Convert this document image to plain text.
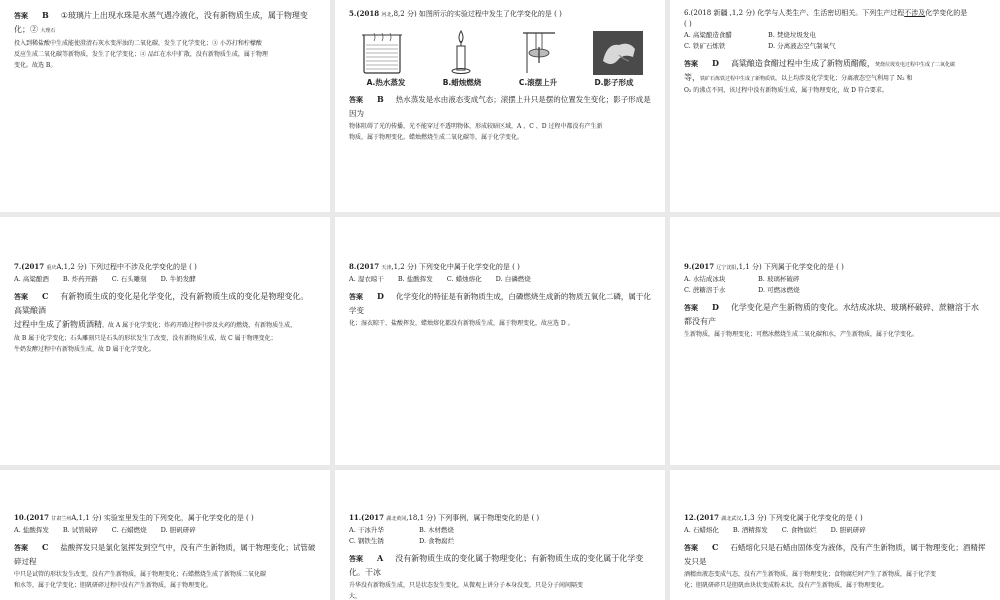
答案 B ①玻璃片上出现水珠是水蒸气遇冷液化，没有新物质生成，属于物理变化；② 大理石

投入到稀盐酸中生成能使澄清石灰水变浑浊的二氧化碳，发生了化学变化；③ 小苏打和柠檬酸

反应生成二氧化碳等新物质，发生了化学变化；④ 品红在水中扩散，没有新物质生成，属于物理

变化。故选 B。

5.(2018 河北,8,2 分) 如图所示的实验过程中发生了化学变化的是 ( )

A.热水蒸发	B.蜡烛燃烧	C.滚摆上升	D.影子形成

答案 B 热水蒸发是水由液态变成气态；滚摆上升只是摆的位置发生变化；影子形成是因为

物体阻碍了光的传播，光不能穿过不透明物体，形成较暗区域，A 、C 、D 过程中都没有产生新

物质，属于物理变化。蜡烛燃烧生成二氧化碳等，属于化学变化。

6.(2018 新疆 ,1,2 分) 化学与人类生产、生活密切相关。下列生产过程不涉及化学变化的是

( )

A. 高粱酿造食醋	B. 焚烧垃圾发电

C. 铁矿石炼铁	D. 分离液态空气制氧气

答案 D 高粱酿造食醋过程中生成了新物质醋酸，焚烧垃圾发电过程中生成了二氧化碳

等，铁矿石炼铁过程中生成了新物质铁，以上均涉及化学变化；分离液态空气利用了 N₂ 和

O₂ 的沸点不同，该过程中没有新物质生成，属于物理变化，故 D 符合要求。

7.(2017 重庆A,1,2 分) 下列过程中不涉及化学变化的是 ( )

A. 高粱酿酒 B. 炸药开路 C. 石头雕刻 D. 牛奶发酵

答案 C 有新物质生成的变化是化学变化，没有新物质生成的变化是物理变化。高粱酿酒

过程中生成了新物质酒精，故 A 属于化学变化；炸药开路过程中涉及火药的燃烧，有新物质生成，

故 B 属于化学变化；石头雕刻只是石头的形状发生了改变，没有新物质生成，故 C 属于物理变化；

牛奶发酵过程中有新物质生成，故 D 属于化学变化。

8.(2017 天津,1,2 分) 下列变化中属于化学变化的是 ( )

A. 湿衣晾干 B. 盐酸挥发 C. 蜡烛熔化 D. 白磷燃烧

答案 D 化学变化的特征是有新物质生成，白磷燃烧生成新的物质五氧化二磷，属于化学变

化；湿衣晾干、盐酸挥发，蜡烛熔化都没有新物质生成，属于物理变化，故应选 D 。

9.(2017 辽宁沈阳,1,1 分) 下列属于化学变化的是 ( )

A. 水结成冰块	B. 玻璃杯破碎

C. 蔗糖溶于水	D. 可燃冰燃烧

答案 D 化学变化是产生新物质的变化。水结成冰块、玻璃杯破碎、蔗糖溶于水都没有产

生新物质，属于物理变化；可燃冰燃烧生成二氧化碳和水，产生新物质，属于化学变化。

10.(2017 甘肃兰州A,1,1 分) 实验室里发生的下列变化，属于化学变化的是 ( )

A. 盐酸挥发 B. 试管破碎 C. 石蜡燃烧 D. 胆矾研碎

答案 C 盐酸挥发只是氯化氢挥发到空气中，没有产生新物质，属于物理变化；试管破碎过程

中只是试管的形状发生改变，没有产生新物质，属于物理变化；石蜡燃烧生成了新物质二氧化碳

和水等，属于化学变化；胆矾研碎过程中没有产生新物质，属于物理变化。

11.(2017 湖北黄冈,18,1 分) 下列事例，属于物理变化的是 ( )

A. 干冰升华	B. 木材燃烧

C. 钢铁生锈	D. 食物腐烂

答案 A 没有新物质生成的变化属于物理变化；有新物质生成的变化属于化学变化。干冰

升华没有新物质生成，只是状态发生变化，从微观上讲分子本身没变，只是分子间间隔变

大，

12.(2017 湖北武汉,1,3 分) 下列变化属于化学变化的是 ( )

A. 石蜡熔化 B. 酒精挥发 C. 食物腐烂 D. 胆矾研碎

答案 C 石蜡熔化只是石蜡由固体变为液体，没有产生新物质，属于物理变化；酒精挥发只是

酒精由液态变成气态，没有产生新物质，属于物理变化；食物腐烂时产生了新物质，属于化学变

化；胆矾研碎只是胆矾由块状变成粉末状，没有产生新物质，属于物理变化。
